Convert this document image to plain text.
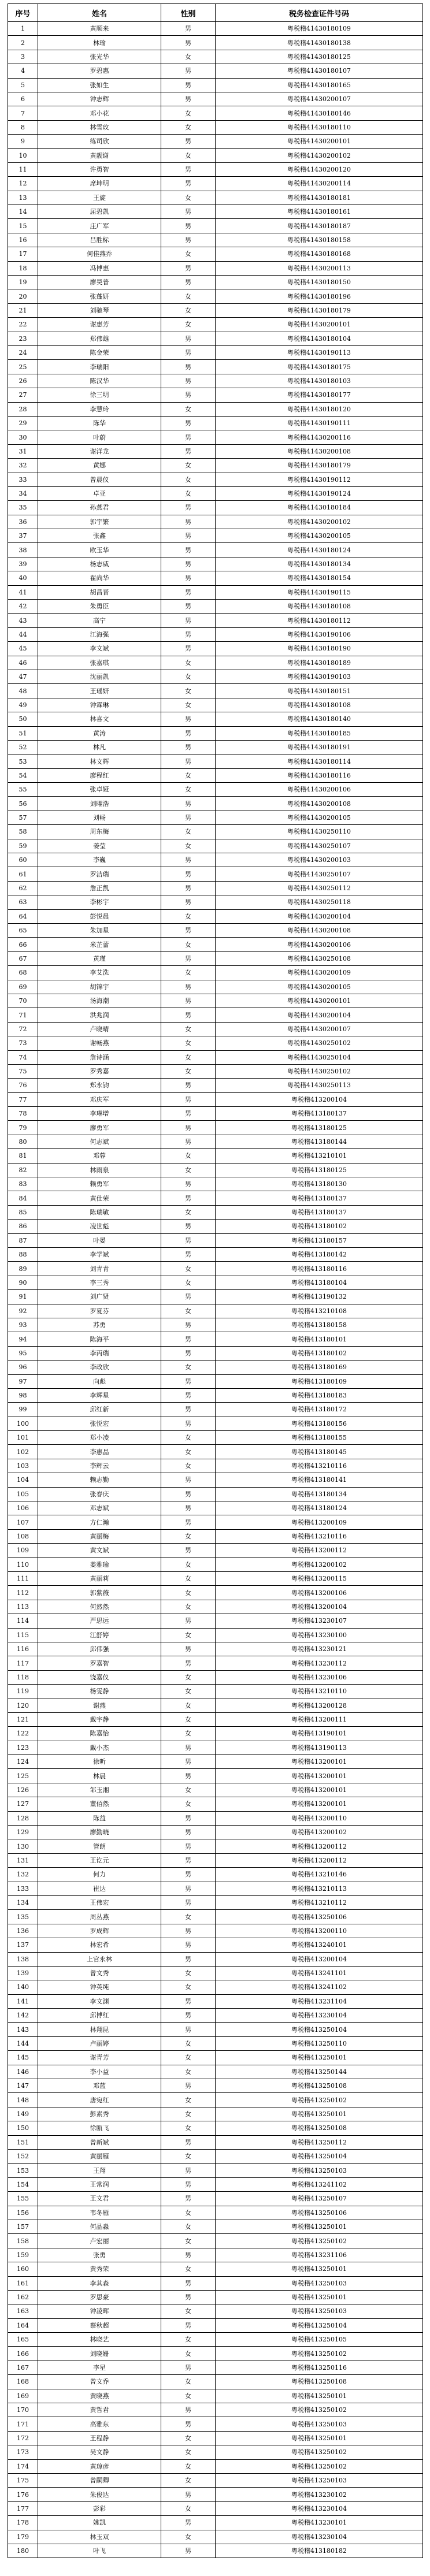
序号	姓名	性别	税务检查证件号码
1	黄顺来	男	粤税稽41430180109
2	林瑜	男	粤税稽41430180138
3	张光华	女	粤税稽41430180125
4	罗碧惠	男	粤税稽41430180107
5	张如生	男	粤税稽41430180165
6	钟志辉	男	粤税稽41430200107
7	邓小花	女	粤税稽41430180146
8	林雪玫	女	粤税稽41430180110
9	练司欣	男	粤税稽41430200101
10	黄靓谢	女	粤税稽41430200102
11	许勇智	男	粤税稽41430200120
12	席坤明	男	粤税稽41430200114
13	王旋	女	粤税稽41430180181
14	屈碧凯	男	粤税稽41430180161
15	庄广军	男	粤税稽41430180187
16	吕胜标	男	粤税稽41430180158
17	何佳燕乔	女	粤税稽41430180168
18	冯博惠	男	粤税稽41430200113
19	廖昊普	男	粤税稽41430180150
20	张蓬妍	女	粤税稽41430180196
21	刘驰琴	女	粤税稽41430180179
22	谢惠芳	女	粤税稽41430200101
23	郑伟雄	男	粤税稽41430180104
24	陈金荣	男	粤税稽41430190113
25	李瑞阳	男	粤税稽41430180175
26	陈汉华	男	粤税稽41430180103
27	徐三明	男	粤税稽41430180177
28	李慧玲	女	粤税稽41430180120
29	陈华	男	粤税稽41430190111
30	叶蔚	男	粤税稽41430200116
31	谢洋龙	男	粤税稽41430200108
32	黄娜	女	粤税稽41430180179
33	曾晨仪	女	粤税稽41430190112
34	卓亚	女	粤税稽41430190124
35	孙燕君	男	粤税稽41430180184
36	郭宇繁	男	粤税稽41430200102
37	张鑫	男	粤税稽41430200105
38	欧玉华	男	粤税稽41430180124
39	杨志威	男	粤税稽41430180134
40	翟尚华	男	粤税稽41430180154
41	胡昌晋	男	粤税稽41430190115
42	朱勇臣	男	粤税稽41430180108
43	高宁	男	粤税稽41430180112
44	江海强	男	粤税稽41430190106
45	李文斌	男	粤税稽41430180190
46	张嘉琪	女	粤税稽41430180189
47	沈丽凯	女	粤税稽41430190103
48	王瑶妍	女	粤税稽41430180151
49	钟霖琳	女	粤税稽41430180108
50	林喜文	男	粤税稽41430180140
51	黄涛	男	粤税稽41430180185
52	林凡	男	粤税稽41430180191
53	林文辉	男	粤税稽41430180114
54	廖程红	女	粤税稽41430180116
55	张卓娅	女	粤税稽41430200106
56	刘曜浩	男	粤税稽41430200108
57	刘畅	男	粤税稽41430200105
58	周东梅	女	粤税稽41430250110
59	姜莹	女	粤税稽41430250107
60	李巍	男	粤税稽41430200103
61	罗洁瑞	男	粤税稽41430250107
62	詹正凯	男	粤税稽41430250112
63	李彬宇	男	粤税稽41430250118
64	彭悦晨	女	粤税稽41430200104
65	朱加星	男	粤税稽41430200108
66	米芷蕾	女	粤税稽41430200106
67	黄瑾	男	粤税稽41430250108
68	李艾洗	女	粤税稽41430200109
69	胡锦宇	男	粤税稽41430200105
70	汤海潮	男	粤税稽41430200101
71	洪兆润	男	粤税稽41430200104
72	卢晓晴	女	粤税稽41430200107
73	谢畅燕	女	粤税稽41430250102
74	詹诗涵	女	粤税稽41430250104
75	罗秀嘉	女	粤税稽41430250102
76	郑永钧	男	粤税稽41430250113
77	邓庆军	男	粤税稽413200104
78	李琳增	男	粤税稽413180137
79	廖勇军	男	粤税稽413180125
80	何志斌	男	粤税稽413180144
81	邓蓉	女	粤税稽413210101
82	林雨泉	女	粤税稽413180125
83	赖勇军	男	粤税稽413180130
84	黄仕荣	男	粤税稽413180137
85	陈瑞敏	女	粤税稽413180137
86	凌世彪	男	粤税稽413180102
87	叶晏	男	粤税稽413180157
88	李学斌	男	粤税稽413180142
89	刘青青	女	粤税稽413180116
90	李三秀	女	粤税稽413180104
91	刘广贤	男	粤税稽413190132
92	罗夏芬	女	粤税稽413210108
93	苏勇	男	粤税稽413180158
94	陈海平	男	粤税稽413180101
95	李丙瑞	男	粤税稽413180102
96	李政欣	女	粤税稽413180169
97	向彪	男	粤税稽413180109
98	李辉星	男	粤税稽413180183
99	邱红新	男	粤税稽413180172
100	张悦宏	男	粤税稽413180156
101	郑小凌	女	粤税稽413180155
102	李惠晶	女	粤税稽413180145
103	李辉云	女	粤税稽413210116
104	赖志勤	男	粤税稽413180141
105	张春庆	男	粤税稽413180134
106	邓志斌	男	粤税稽413180124
107	方仁瀚	男	粤税稽413200109
108	黄丽梅	女	粤税稽413210116
109	黄文斌	男	粤税稽413200112
110	姜雅瑜	女	粤税稽413200102
111	黄丽莉	女	粤税稽413200115
112	郭紫薇	女	粤税稽413200106
113	何然然	女	粤税稽413200104
114	严思远	男	粤税稽413230107
115	江舒婷	女	粤税稽413230100
116	邱伟强	男	粤税稽413230121
117	罗嘉智	男	粤税稽413230112
118	饶嘉仪	女	粤税稽413230106
119	杨雯静	女	粤税稽413210110
120	谢燕	女	粤税稽413200128
121	戴宇静	女	粤税稽413200111
122	陈嘉怡	女	粤税稽413190101
123	戴小杰	男	粤税稽413190113
124	徐昕	男	粤税稽413200101
125	林晨	男	粤税稽413200101
126	邹玉湘	女	粤税稽413200101
127	董佰然	女	粤税稽413200101
128	陈益	男	粤税稽413200110
129	廖勤晓	男	粤税稽413200102
130	管朗	男	粤税稽413200112
131	王讫元	男	粤税稽413200112
132	何力	男	粤税稽413210146
133	崔达	男	粤税稽413210113
134	王伟宏	男	粤税稽413210112
135	周丛燕	女	粤税稽413250106
136	罗成辉	男	粤税稽413200110
137	林宏希	男	粤税稽413240101
138	上官永林	男	粤税稽413200104
139	曾文秀	女	粤税稽413241101
140	钟英纯	女	粤税稽413241102
141	李文渊	男	粤税稽413231104
142	邱博红	男	粤税稽413230104
143	林翔昆	男	粤税稽413250104
144	卢丽婷	女	粤税稽413250110
145	谢青芳	女	粤税稽413250101
146	李小益	女	粤税稽413250144
147	邓蓝	男	粤税稽413250108
148	唐宛红	女	粤税稽413250102
149	彭素秀	女	粤税稽413250101
150	徐瓯飞	女	粤税稽413250108
151	曾新斌	男	粤税稽413250112
152	黄丽雁	女	粤税稽413250104
153	王翔	男	粤税稽413250103
154	王常润	男	粤税稽413241102
155	王文君	男	粤税稽413250107
156	韦冬雁	女	粤税稽413250106
157	何晶淼	女	粤税稽413250101
158	卢宏丽	女	粤税稽413250102
159	张勇	男	粤税稽413231106
160	黄秀荣	女	粤税稽413250101
161	李其森	男	粤税稽413250103
162	罗思豪	男	粤税稽413250101
163	钟凌晖	女	粤税稽413250103
164	蔡秋超	男	粤税稽413250104
165	林晓艺	女	粤税稽413250105
166	刘晓姗	女	粤税稽413250102
167	李星	男	粤税稽413250116
168	曾文乔	女	粤税稽413250108
169	黄晓燕	女	粤税稽413250101
170	黄哲君	男	粤税稽413250102
171	高雅东	男	粤税稽413250103
172	王程静	女	粤税稽413250101
173	吴文静	女	粤税稽413250102
174	黄琼彦	女	粤税稽413250102
175	曾嗣卿	女	粤税稽413250103
176	朱俊达	男	粤税稽413230102
177	彭彩	女	粤税稽413230104
178	姚凯	男	粤税稽413230101
179	林玉双	女	粤税稽413230104
180	叶飞	男	粤税稽413180182
